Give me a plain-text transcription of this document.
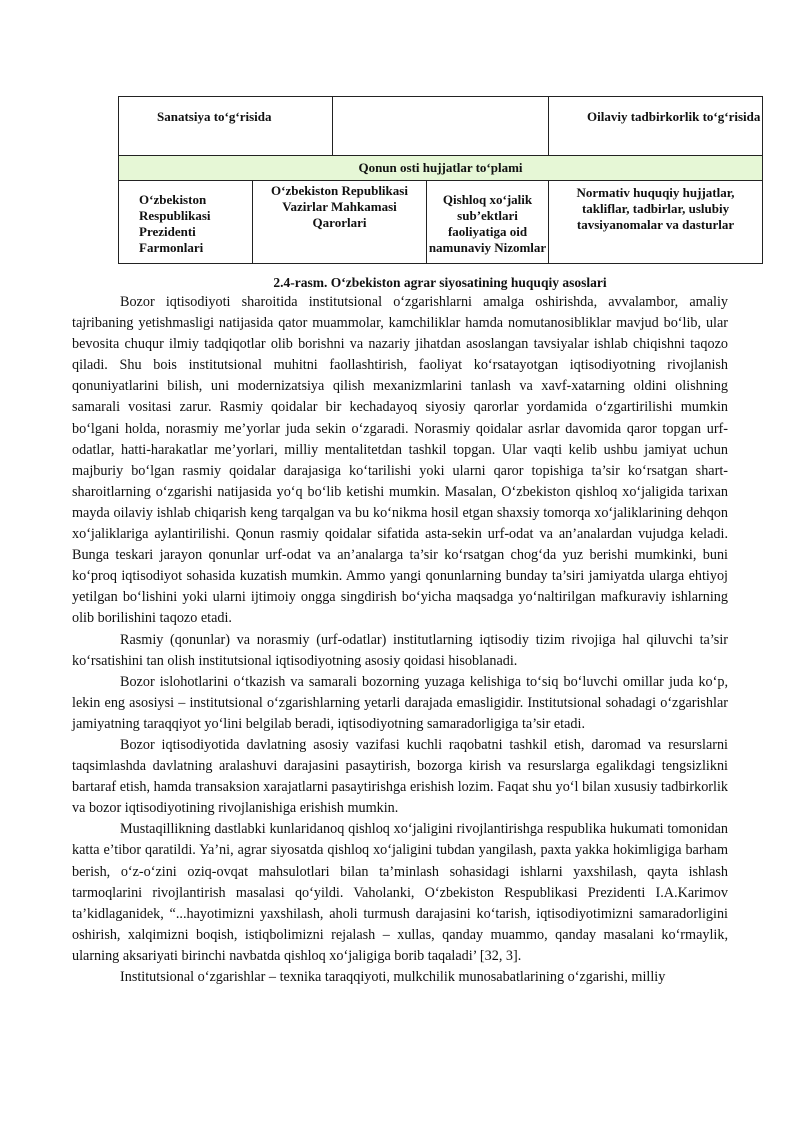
Sanatsiya to‘g‘risida				Oilaviy tadbirkorlik to‘g‘risida

Qonun osti hujjatlar to‘plami				

O‘zbekiston Respublikasi Prezidenti Farmonlari	O‘zbekiston Republikasi Vazirlar Mahkamasi Qarorlari		Qishloq xo‘jalik sub’ektlari faoliyatiga oid namunaviy Nizomlar	Normativ huquqiy hujjatlar, takliflar, tadbirlar, uslubiy tavsiyanomalar va dasturlar
2.4-rasm. O‘zbekiston agrar siyosatining huquqiy asoslari

Bozor iqtisodiyoti sharoitida institutsional o‘zgarishlarni amalga oshirishda, avvalambor, amaliy tajribaning yetishmasligi natijasida qator muammolar, kamchiliklar hamda nomutanosibliklar mavjud bo‘lib, ular bevosita chuqur ilmiy tadqiqotlar olib borishni va nazariy jihatdan asoslangan tavsiyalar ishlab chiqishni taqozo qiladi. Shu bois institutsional muhitni faollashtirish, faoliyat ko‘rsatayotgan iqtisodiyotning rivojlanish qonuniyatlarini bilish, uni modernizatsiya qilish mexanizmlarini tanlash va xavf-xatarning oldini olishning samarali vositasi zarur. Rasmiy qoidalar bir kechadayoq siyosiy qarorlar yordamida o‘zgartirilishi mumkin bo‘lgani holda, norasmiy me’yorlar juda sekin o‘zgaradi. Norasmiy qoidalar asrlar davomida qaror topgan urf-odatlar, hatti-harakatlar me’yorlari, milliy mentalitetdan tashkil topgan. Ular vaqti kelib ushbu jamiyat uchun majburiy bo‘lgan rasmiy qoidalar darajasiga ko‘tarilishi yoki ularni qaror topishiga ta’sir ko‘rsatgan shart-sharoitlarning o‘zgarishi natijasida yo‘q bo‘lib ketishi mumkin. Masalan, O‘zbekiston qishloq xo‘jaligida tarixan mayda oilaviy ishlab chiqarish keng tarqalgan va bu ko‘nikma hosil etgan shaxsiy tomorqa xo‘jaliklarining dehqon xo‘jaliklariga aylantirilishi. Qonun rasmiy qoidalar sifatida asta-sekin urf-odat va an’analardan vujudga keladi. Bunga teskari jarayon qonunlar urf-odat va an’analarga ta’sir ko‘rsatgan chog‘da yuz berishi mumkinki, buni ko‘proq iqtisodiyot sohasida kuzatish mumkin. Ammo yangi qonunlarning bunday ta’siri jamiyatda ularga ehtiyoj yetilgan bo‘lishini yoki ularni ijtimoiy ongga singdirish bo‘yicha maqsadga yo‘naltirilgan mafkuraviy ishlarning olib borilishini taqozo etadi.

Rasmiy (qonunlar) va norasmiy (urf-odatlar) institutlarning iqtisodiy tizim rivojiga hal qiluvchi ta’sir ko‘rsatishini tan olish institutsional iqtisodiyotning asosiy qoidasi hisoblanadi.

Bozor islohotlarini o‘tkazish va samarali bozorning yuzaga kelishiga to‘siq bo‘luvchi omillar juda ko‘p, lekin eng asosiysi – institutsional o‘zgarishlarning yetarli darajada emasligidir. Institutsional sohadagi o‘zgarishlar jamiyatning taraqqiyot yo‘lini belgilab beradi, iqtisodiyotning samaradorligiga ta’sir etadi.

Bozor iqtisodiyotida davlatning asosiy vazifasi kuchli raqobatni tashkil etish, daromad va resurslarni taqsimlashda davlatning aralashuvi darajasini pasaytirish, bozorga kirish va resurslarga egalikdagi tengsizlikni bartaraf etish, hamda transaksion xarajatlarni pasaytirishga erishish lozim. Faqat shu yo‘l bilan xususiy tadbirkorlik va bozor iqtisodiyotining rivojlanishiga erishish mumkin.

Mustaqillikning dastlabki kunlaridanoq qishloq xo‘jaligini rivojlantirishga respublika hukumati tomonidan katta e’tibor qaratildi. Ya’ni, agrar siyosatda qishloq xo‘jaligini tubdan yangilash, paxta yakka hokimligiga barham berish, o‘z-o‘zini oziq-ovqat mahsulotlari bilan ta’minlash sohasidagi ishlarni yaxshilash, qayta ishlash tarmoqlarini rivojlantirish masalasi qo‘yildi. Vaholanki, O‘zbekiston Respublikasi Prezidenti I.A.Karimov ta’kidlaganidek, “...hayotimizni yaxshilash, aholi turmush darajasini ko‘tarish, iqtisodiyotimizni samaradorligini oshirish, xalqimizni boqish, istiqbolimizni rejalash – xullas, qanday muammo, qanday masalani ko‘rmaylik, ularning aksariyati birinchi navbatda qishloq xo‘jaligiga borib taqaladi’ [32, 3].

Institutsional o‘zgarishlar – texnika taraqqiyoti, mulkchilik munosabatlarining o‘zgarishi, milliy
